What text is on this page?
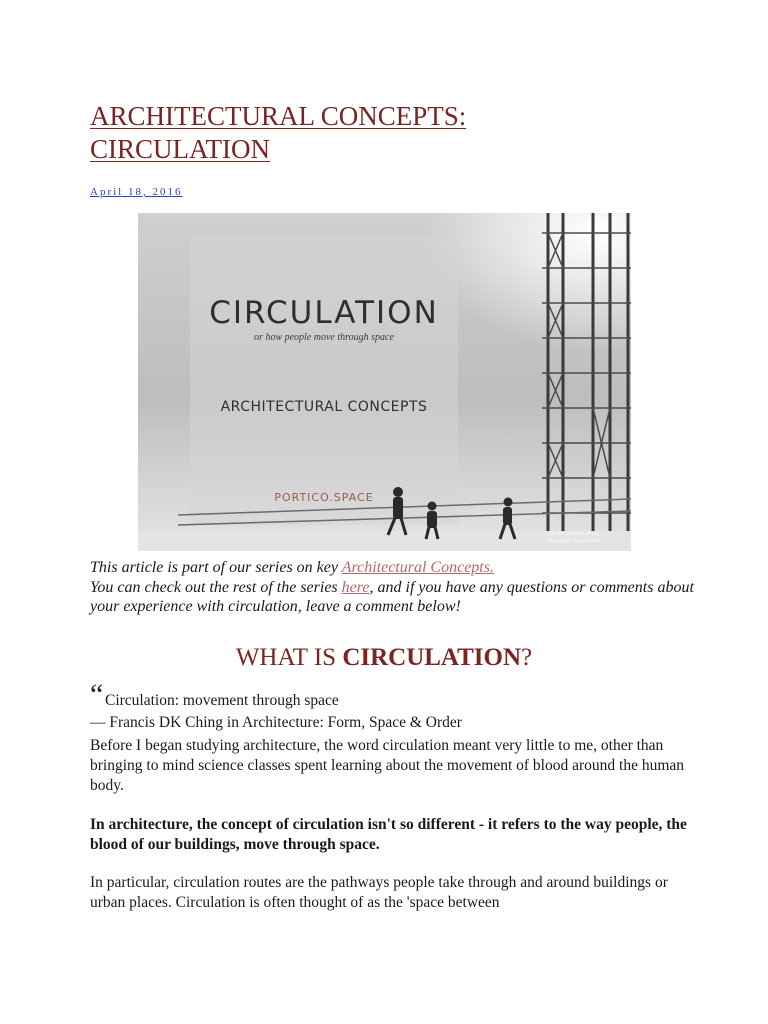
ARCHITECTURAL CONCEPTS:
CIRCULATION
April 18, 2016
CIRCULATION
or how people move through space
ARCHITECTURAL CONCEPTS
PORTICO.SPACE
Cite des Sciences, Paris
Photograph Sonya Birch
This article is part of our series on key Architectural Concepts.
You can check out the rest of the series here, and if you have any questions or comments about your experience with circulation, leave a comment below!
WHAT IS CIRCULATION?
“ Circulation: movement through space
— Francis DK Ching in Architecture: Form, Space & Order

Before I began studying architecture, the word circulation meant very little to me, other than bringing to mind science classes spent learning about the movement of blood around the human body.

In architecture, the concept of circulation isn't so different - it refers to the way people, the blood of our buildings, move through space.

In particular, circulation routes are the pathways people take through and around buildings or urban places. Circulation is often thought of as the 'space between
